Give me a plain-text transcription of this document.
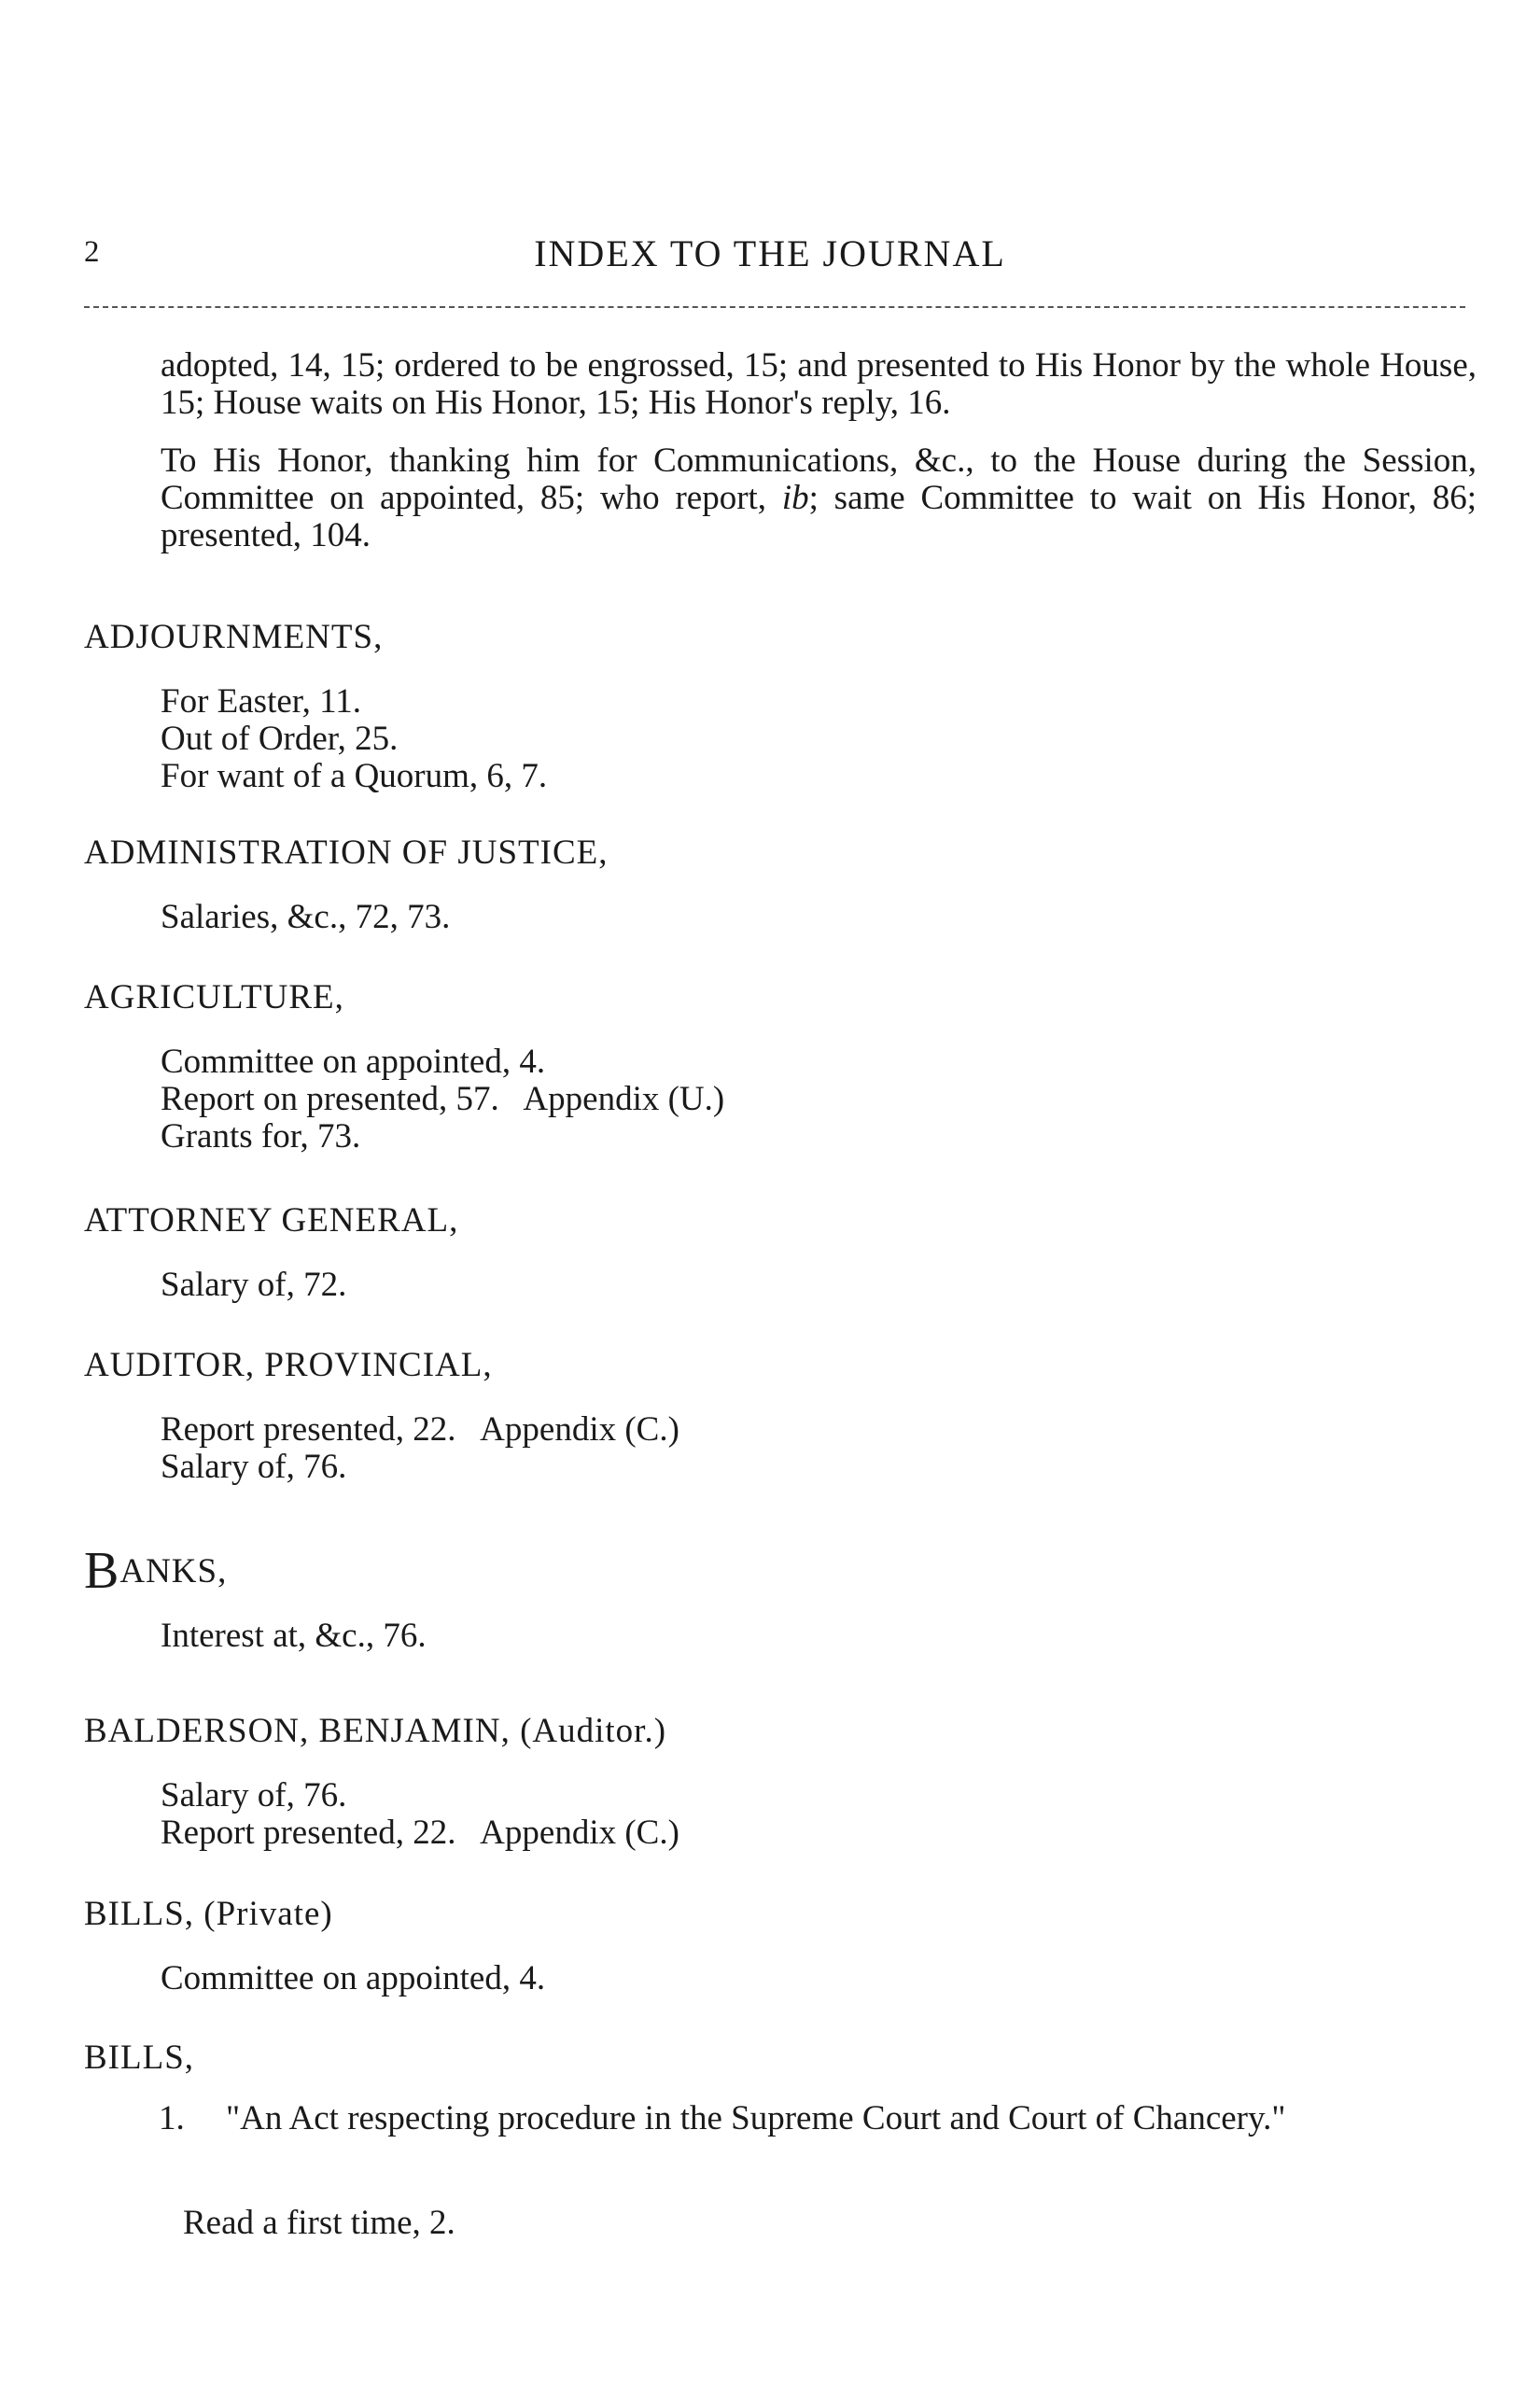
2	INDEX TO THE JOURNAL

adopted, 14, 15; ordered to be engrossed, 15; and presented to His Honor by the whole House, 15; House waits on His Honor, 15; His Honor's reply, 16.

To His Honor, thanking him for Communications, &c., to the House during the Session, Committee on appointed, 85; who report, ib; same Committee to wait on His Honor, 86; presented, 104.

ADJOURNMENTS,
For Easter, 11.
Out of Order, 25.
For want of a Quorum, 6, 7.
ADMINISTRATION OF JUSTICE,
Salaries, &c., 72, 73.
AGRICULTURE,
Committee on appointed, 4.
Report on presented, 57.   Appendix (U.)
Grants for, 73.
ATTORNEY GENERAL,
Salary of, 72.
AUDITOR, PROVINCIAL,
Report presented, 22.   Appendix (C.)
Salary of, 76.
BANKS,
Interest at, &c., 76.
BALDERSON, BENJAMIN, (Auditor.)
Salary of, 76.
Report presented, 22.   Appendix (C.)
BILLS, (Private)
Committee on appointed, 4.
BILLS,
1. "An Act respecting procedure in the Supreme Court and Court of Chancery."
Read a first time, 2.
